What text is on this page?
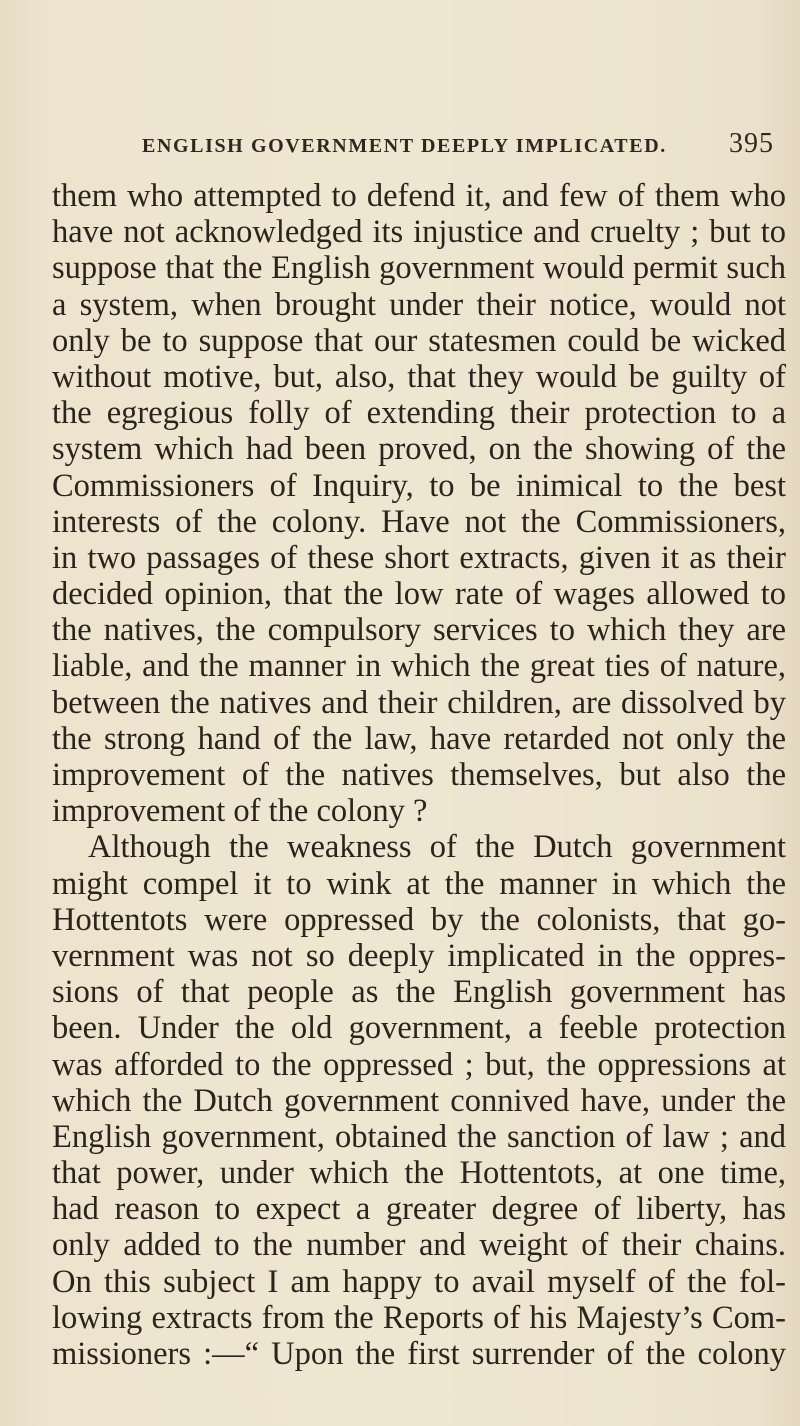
ENGLISH GOVERNMENT DEEPLY IMPLICATED. 395
them who attempted to defend it, and few of them who
have not acknowledged its injustice and cruelty ; but to
suppose that the English government would permit such
a system, when brought under their notice, would not
only be to suppose that our statesmen could be wicked
without motive, but, also, that they would be guilty of
the egregious folly of extending their protection to a
system which had been proved, on the showing of the
Commissioners of Inquiry, to be inimical to the best
interests of the colony. Have not the Commissioners,
in two passages of these short extracts, given it as their
decided opinion, that the low rate of wages allowed to
the natives, the compulsory services to which they are
liable, and the manner in which the great ties of nature,
between the natives and their children, are dissolved by
the strong hand of the law, have retarded not only the
improvement of the natives themselves, but also the
improvement of the colony ?
Although the weakness of the Dutch government
might compel it to wink at the manner in which the
Hottentots were oppressed by the colonists, that go-
vernment was not so deeply implicated in the oppres-
sions of that people as the English government has
been. Under the old government, a feeble protection
was afforded to the oppressed ; but, the oppressions at
which the Dutch government connived have, under the
English government, obtained the sanction of law ; and
that power, under which the Hottentots, at one time,
had reason to expect a greater degree of liberty, has
only added to the number and weight of their chains.
On this subject I am happy to avail myself of the fol-
lowing extracts from the Reports of his Majesty’s Com-
missioners :—“ Upon the first surrender of the colony
